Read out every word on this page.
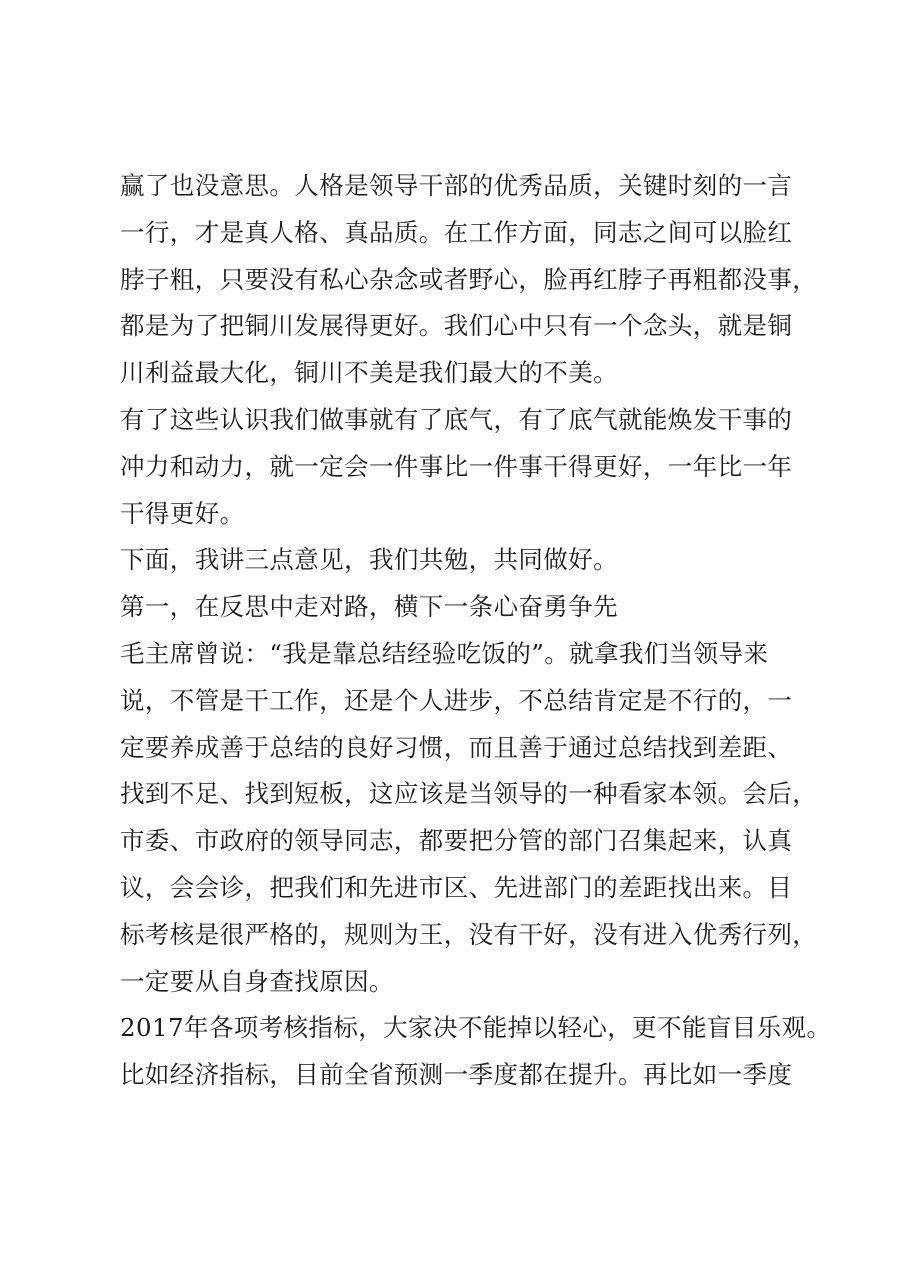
赢了也没意思。人格是领导干部的优秀品质，关键时刻的一言
一行，才是真人格、真品质。在工作方面，同志之间可以脸红
脖子粗，只要没有私心杂念或者野心，脸再红脖子再粗都没事，
都是为了把铜川发展得更好。我们心中只有一个念头，就是铜
川利益最大化，铜川不美是我们最大的不美。
有了这些认识我们做事就有了底气，有了底气就能焕发干事的
冲力和动力，就一定会一件事比一件事干得更好，一年比一年
干得更好。
下面，我讲三点意见，我们共勉，共同做好。
第一，在反思中走对路，横下一条心奋勇争先
毛主席曾说：“我是靠总结经验吃饭的”。就拿我们当领导来
说，不管是干工作，还是个人进步，不总结肯定是不行的，一
定要养成善于总结的良好习惯，而且善于通过总结找到差距、
找到不足、找到短板，这应该是当领导的一种看家本领。会后，
市委、市政府的领导同志，都要把分管的部门召集起来，认真
议，会会诊，把我们和先进市区、先进部门的差距找出来。目
标考核是很严格的，规则为王，没有干好，没有进入优秀行列，
一定要从自身查找原因。
2017年各项考核指标，大家决不能掉以轻心，更不能盲目乐观。
比如经济指标，目前全省预测一季度都在提升。再比如一季度
